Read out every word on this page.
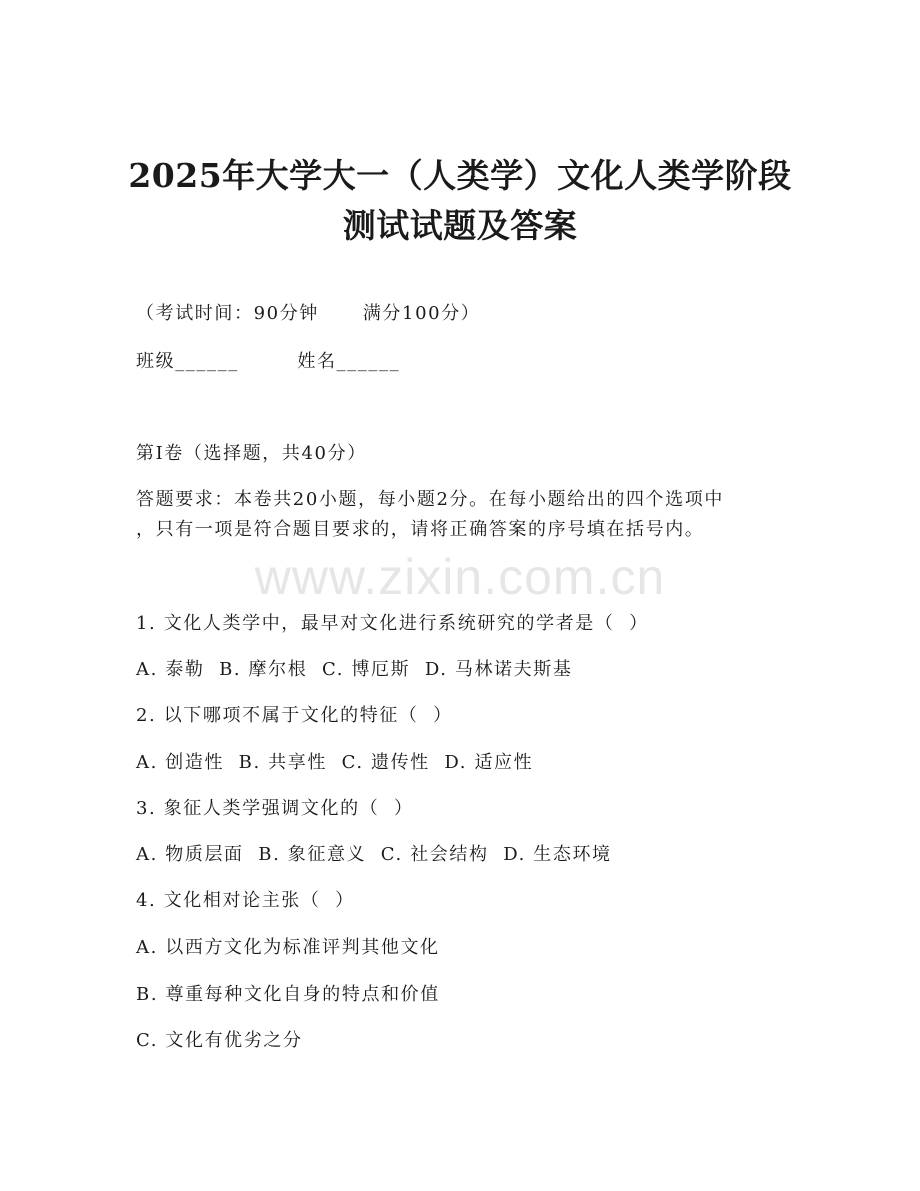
www.zixin.com.cn
2025年大学大一（人类学）文化人类学阶段
测试试题及答案
（考试时间：90分钟      满分100分）
班级______        姓名______
第I卷（选择题，共40分）
答题要求：本卷共20小题，每小题2分。在每小题给出的四个选项中
，只有一项是符合题目要求的，请将正确答案的序号填在括号内。
1. 文化人类学中，最早对文化进行系统研究的学者是（  ）
A. 泰勒  B. 摩尔根  C. 博厄斯  D. 马林诺夫斯基
2. 以下哪项不属于文化的特征（  ）
A. 创造性  B. 共享性  C. 遗传性  D. 适应性
3. 象征人类学强调文化的（  ）
A. 物质层面  B. 象征意义  C. 社会结构  D. 生态环境
4. 文化相对论主张（  ）
A. 以西方文化为标准评判其他文化
B. 尊重每种文化自身的特点和价值
C. 文化有优劣之分
